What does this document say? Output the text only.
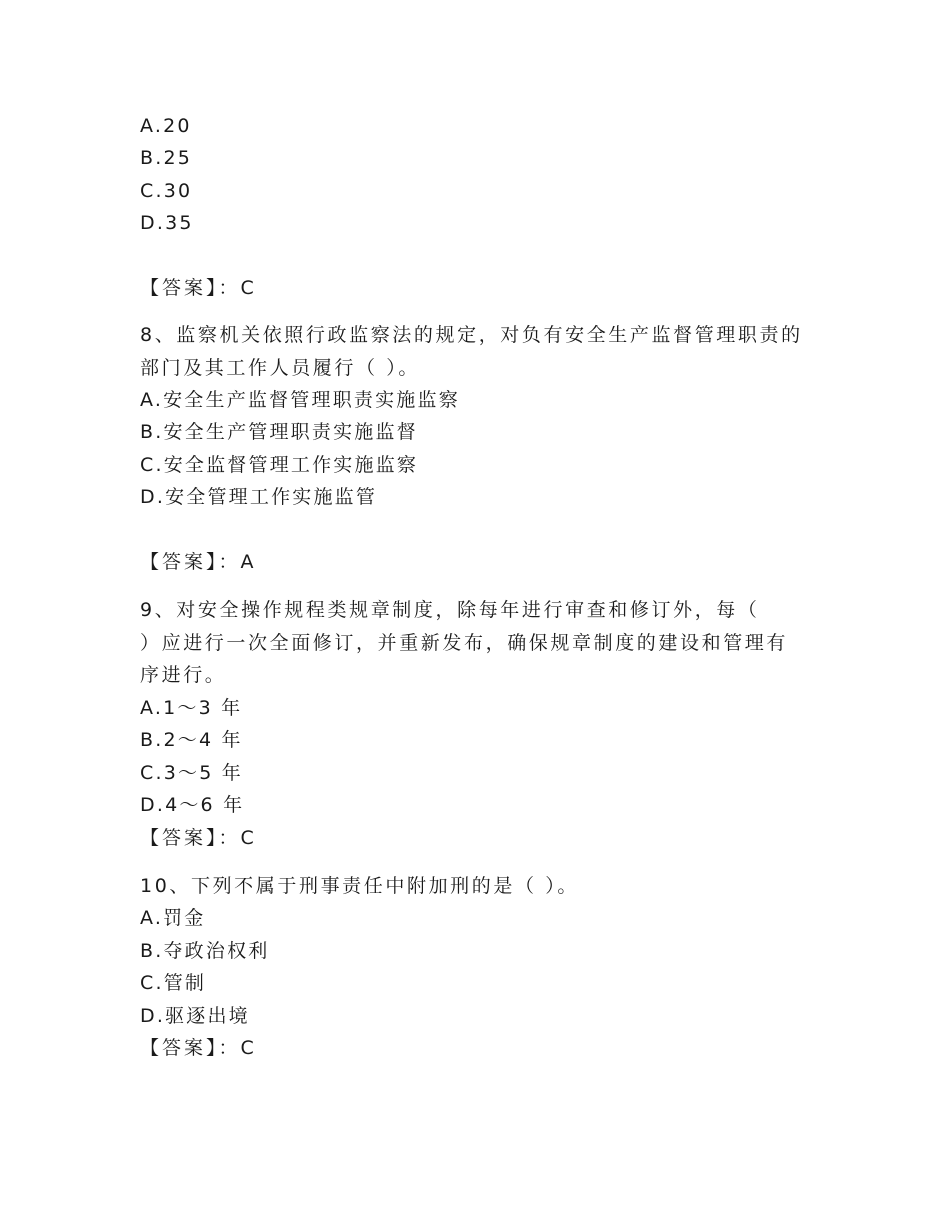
A.20
B.25
C.30
D.35
【答案】：C
8、监察机关依照行政监察法的规定，对负有安全生产监督管理职责的
部门及其工作人员履行（ ）。
A.安全生产监督管理职责实施监察
B.安全生产管理职责实施监督
C.安全监督管理工作实施监察
D.安全管理工作实施监管
【答案】：A
9、对安全操作规程类规章制度，除每年进行审查和修订外，每（
）应进行一次全面修订，并重新发布，确保规章制度的建设和管理有
序进行。
A.1～3 年
B.2～4 年
C.3～5 年
D.4～6 年
【答案】：C
10、下列不属于刑事责任中附加刑的是（ ）。
A.罚金
B.夺政治权利
C.管制
D.驱逐出境
【答案】：C
